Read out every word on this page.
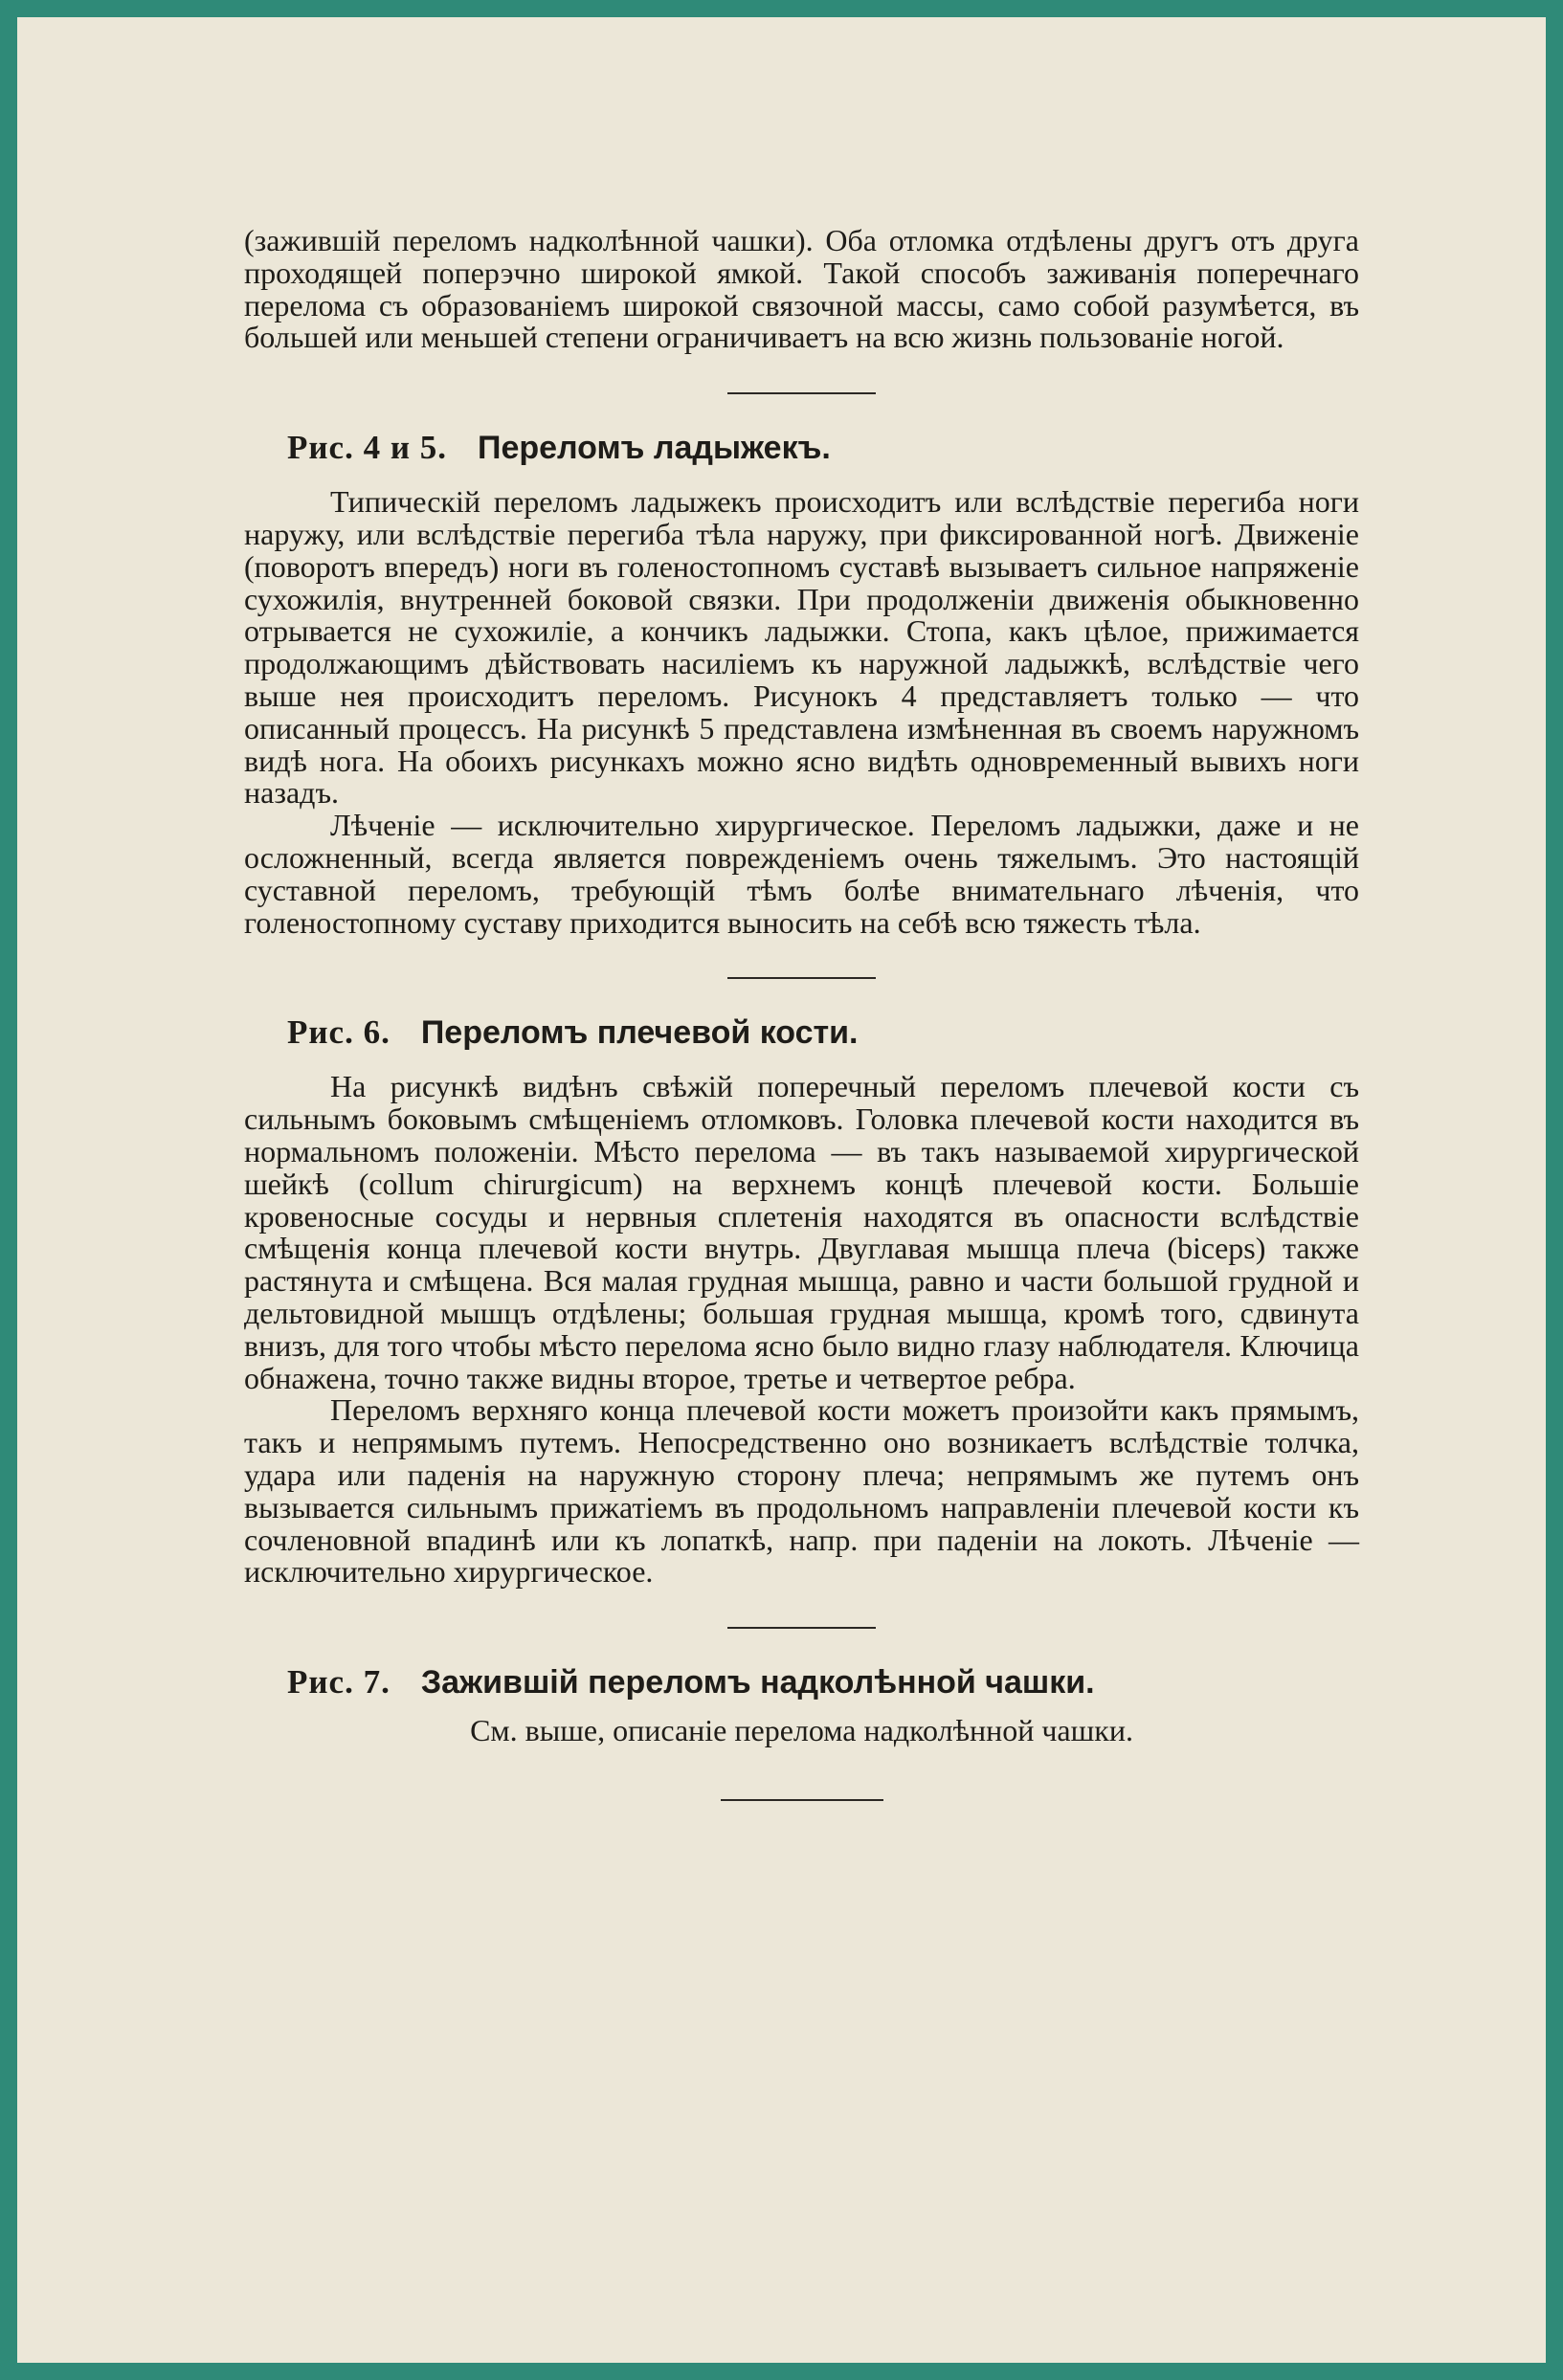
(зажившій переломъ надколѣнной чашки). Оба отломка отдѣлены другъ отъ друга проходящей поперэчно широкой ямкой. Такой способъ заживанія поперечнаго перелома съ образованіемъ широкой связочной массы, само собой разумѣется, въ большей или меньшей степени ограничиваетъ на всю жизнь пользованіе ногой.

Рис. 4 и 5. Переломъ ладыжекъ.

Типическій переломъ ладыжекъ происходитъ или вслѣдствіе перегиба ноги наружу, или вслѣдствіе перегиба тѣла наружу, при фиксированной ногѣ. Движеніе (поворотъ впередъ) ноги въ голеностопномъ суставѣ вызываетъ сильное напряженіе сухожилія, внутренней боковой связки. При продолженіи движенія обыкновенно отрывается не сухожиліе, а кончикъ ладыжки. Стопа, какъ цѣлое, прижимается продолжающимъ дѣйствовать насиліемъ къ наружной ладыжкѣ, вслѣдствіе чего выше нея происходитъ переломъ. Рисунокъ 4 представляетъ только — что описанный процессъ. На рисункѣ 5 представлена измѣненная въ своемъ наружномъ видѣ нога. На обоихъ рисункахъ можно ясно видѣть одновременный вывихъ ноги назадъ.

Лѣченіе — исключительно хирургическое. Переломъ ладыжки, даже и не осложненный, всегда является поврежденіемъ очень тяжелымъ. Это настоящій суставной переломъ, требующій тѣмъ болѣе внимательнаго лѣченія, что голеностопному суставу приходится выносить на себѣ всю тяжесть тѣла.

Рис. 6. Переломъ плечевой кости.

На рисункѣ видѣнъ свѣжій поперечный переломъ плечевой кости съ сильнымъ боковымъ смѣщеніемъ отломковъ. Головка плечевой кости находится въ нормальномъ положеніи. Мѣсто перелома — въ такъ называемой хирургической шейкѣ (collum chirurgicum) на верхнемъ концѣ плечевой кости. Большіе кровеносные сосуды и нервныя сплетенія находятся въ опасности вслѣдствіе смѣщенія конца плечевой кости внутрь. Двуглавая мышца плеча (biceps) также растянута и смѣщена. Вся малая грудная мышца, равно и части большой грудной и дельтовидной мышцъ отдѣлены; большая грудная мышца, кромѣ того, сдвинута внизъ, для того чтобы мѣсто перелома ясно было видно глазу наблюдателя. Ключица обнажена, точно также видны второе, третье и четвертое ребра.

Переломъ верхняго конца плечевой кости можетъ произойти какъ прямымъ, такъ и непрямымъ путемъ. Непосредственно оно возникаетъ вслѣдствіе толчка, удара или паденія на наружную сторону плеча; непрямымъ же путемъ онъ вызывается сильнымъ прижатіемъ въ продольномъ направленіи плечевой кости къ сочленовной впадинѣ или къ лопаткѣ, напр. при паденіи на локоть. Лѣченіе — исключительно хирургическое.

Рис. 7. Зажившій переломъ надколѣнной чашки.

См. выше, описаніе перелома надколѣнной чашки.
